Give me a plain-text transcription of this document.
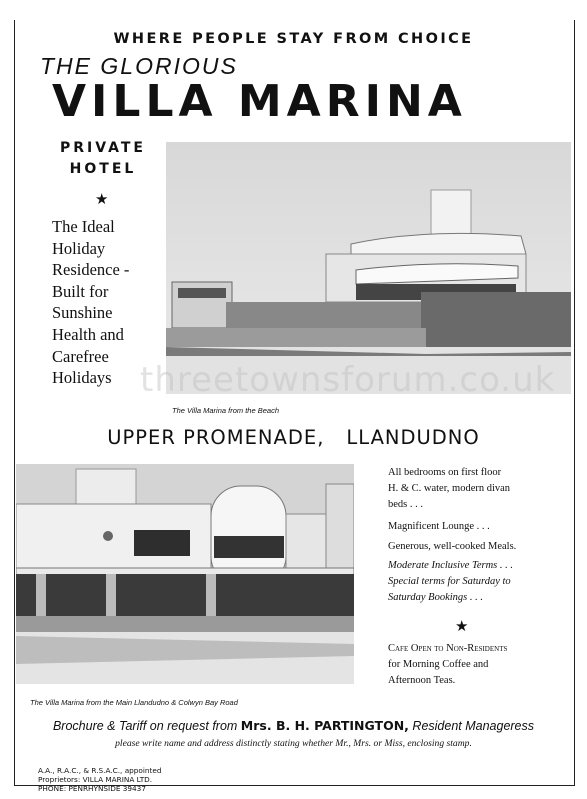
WHERE PEOPLE STAY FROM CHOICE
THE GLORIOUS
VILLA MARINA
PRIVATE
HOTEL
★
The Ideal
Holiday
Residence -
Built for
Sunshine
Health and
Carefree
Holidays
The Villa Marina from the Beach
threetownsforum.co.uk
UPPER PROMENADE, LLANDUDNO
The Villa Marina from the Main Llandudno & Colwyn Bay Road
All bedrooms on first floor
H. & C. water, modern divan
beds . . .
Magnificent Lounge . . .
Generous, well-cooked Meals.
Moderate Inclusive Terms . . .
Special terms for Saturday to
Saturday Bookings . . .
★
Cafe Open to Non-Residents
for Morning Coffee and
Afternoon Teas.
Brochure & Tariff on request from Mrs. B. H. PARTINGTON, Resident Manageress
please write name and address distinctly stating whether Mr., Mrs. or Miss, enclosing stamp.
A.A., R.A.C., & R.S.A.C., appointed
Proprietors: VILLA MARINA LTD.
PHONE: PENRHYNSIDE 39437
